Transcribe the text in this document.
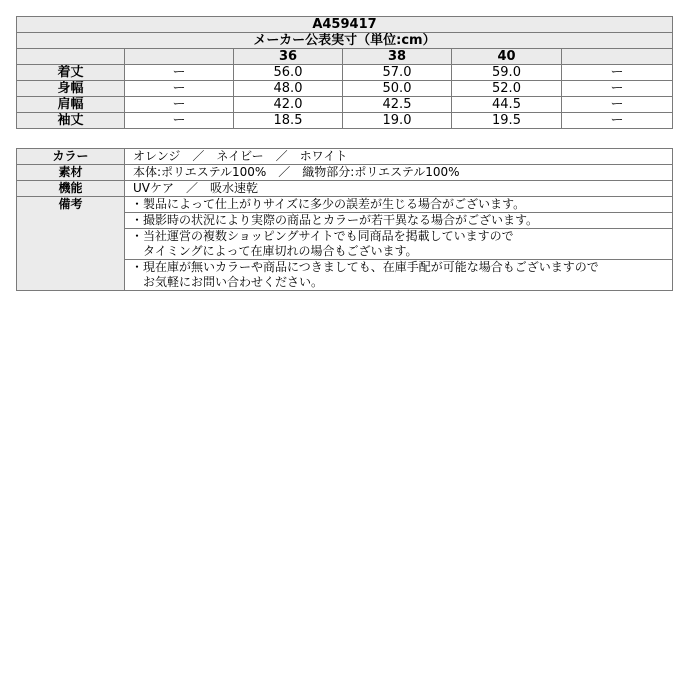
A459417					
メーカー公表実寸（単位:cm）					
		36	38	40	
着丈	ー	56.0	57.0	59.0	ー
身幅	ー	48.0	50.0	52.0	ー
肩幅	ー	42.0	42.5	44.5	ー
袖丈	ー	18.5	19.0	19.5	ー
カラー	オレンジ　／　ネイビー　／　ホワイト
素材	本体:ポリエステル100%　／　織物部分:ポリエステル100%
機能	UVケア　／　吸水速乾
備考	・製品によって仕上がりサイズに多少の誤差が生じる場合がございます。
	・撮影時の状況により実際の商品とカラーが若干異なる場合がございます。

	・当社運営の複数ショッピングサイトでも同商品を掲載していますので
タイミングによって在庫切れの場合もございます。

	・現在庫が無いカラーや商品につきましても、在庫手配が可能な場合もございますので
お気軽にお問い合わせください。
